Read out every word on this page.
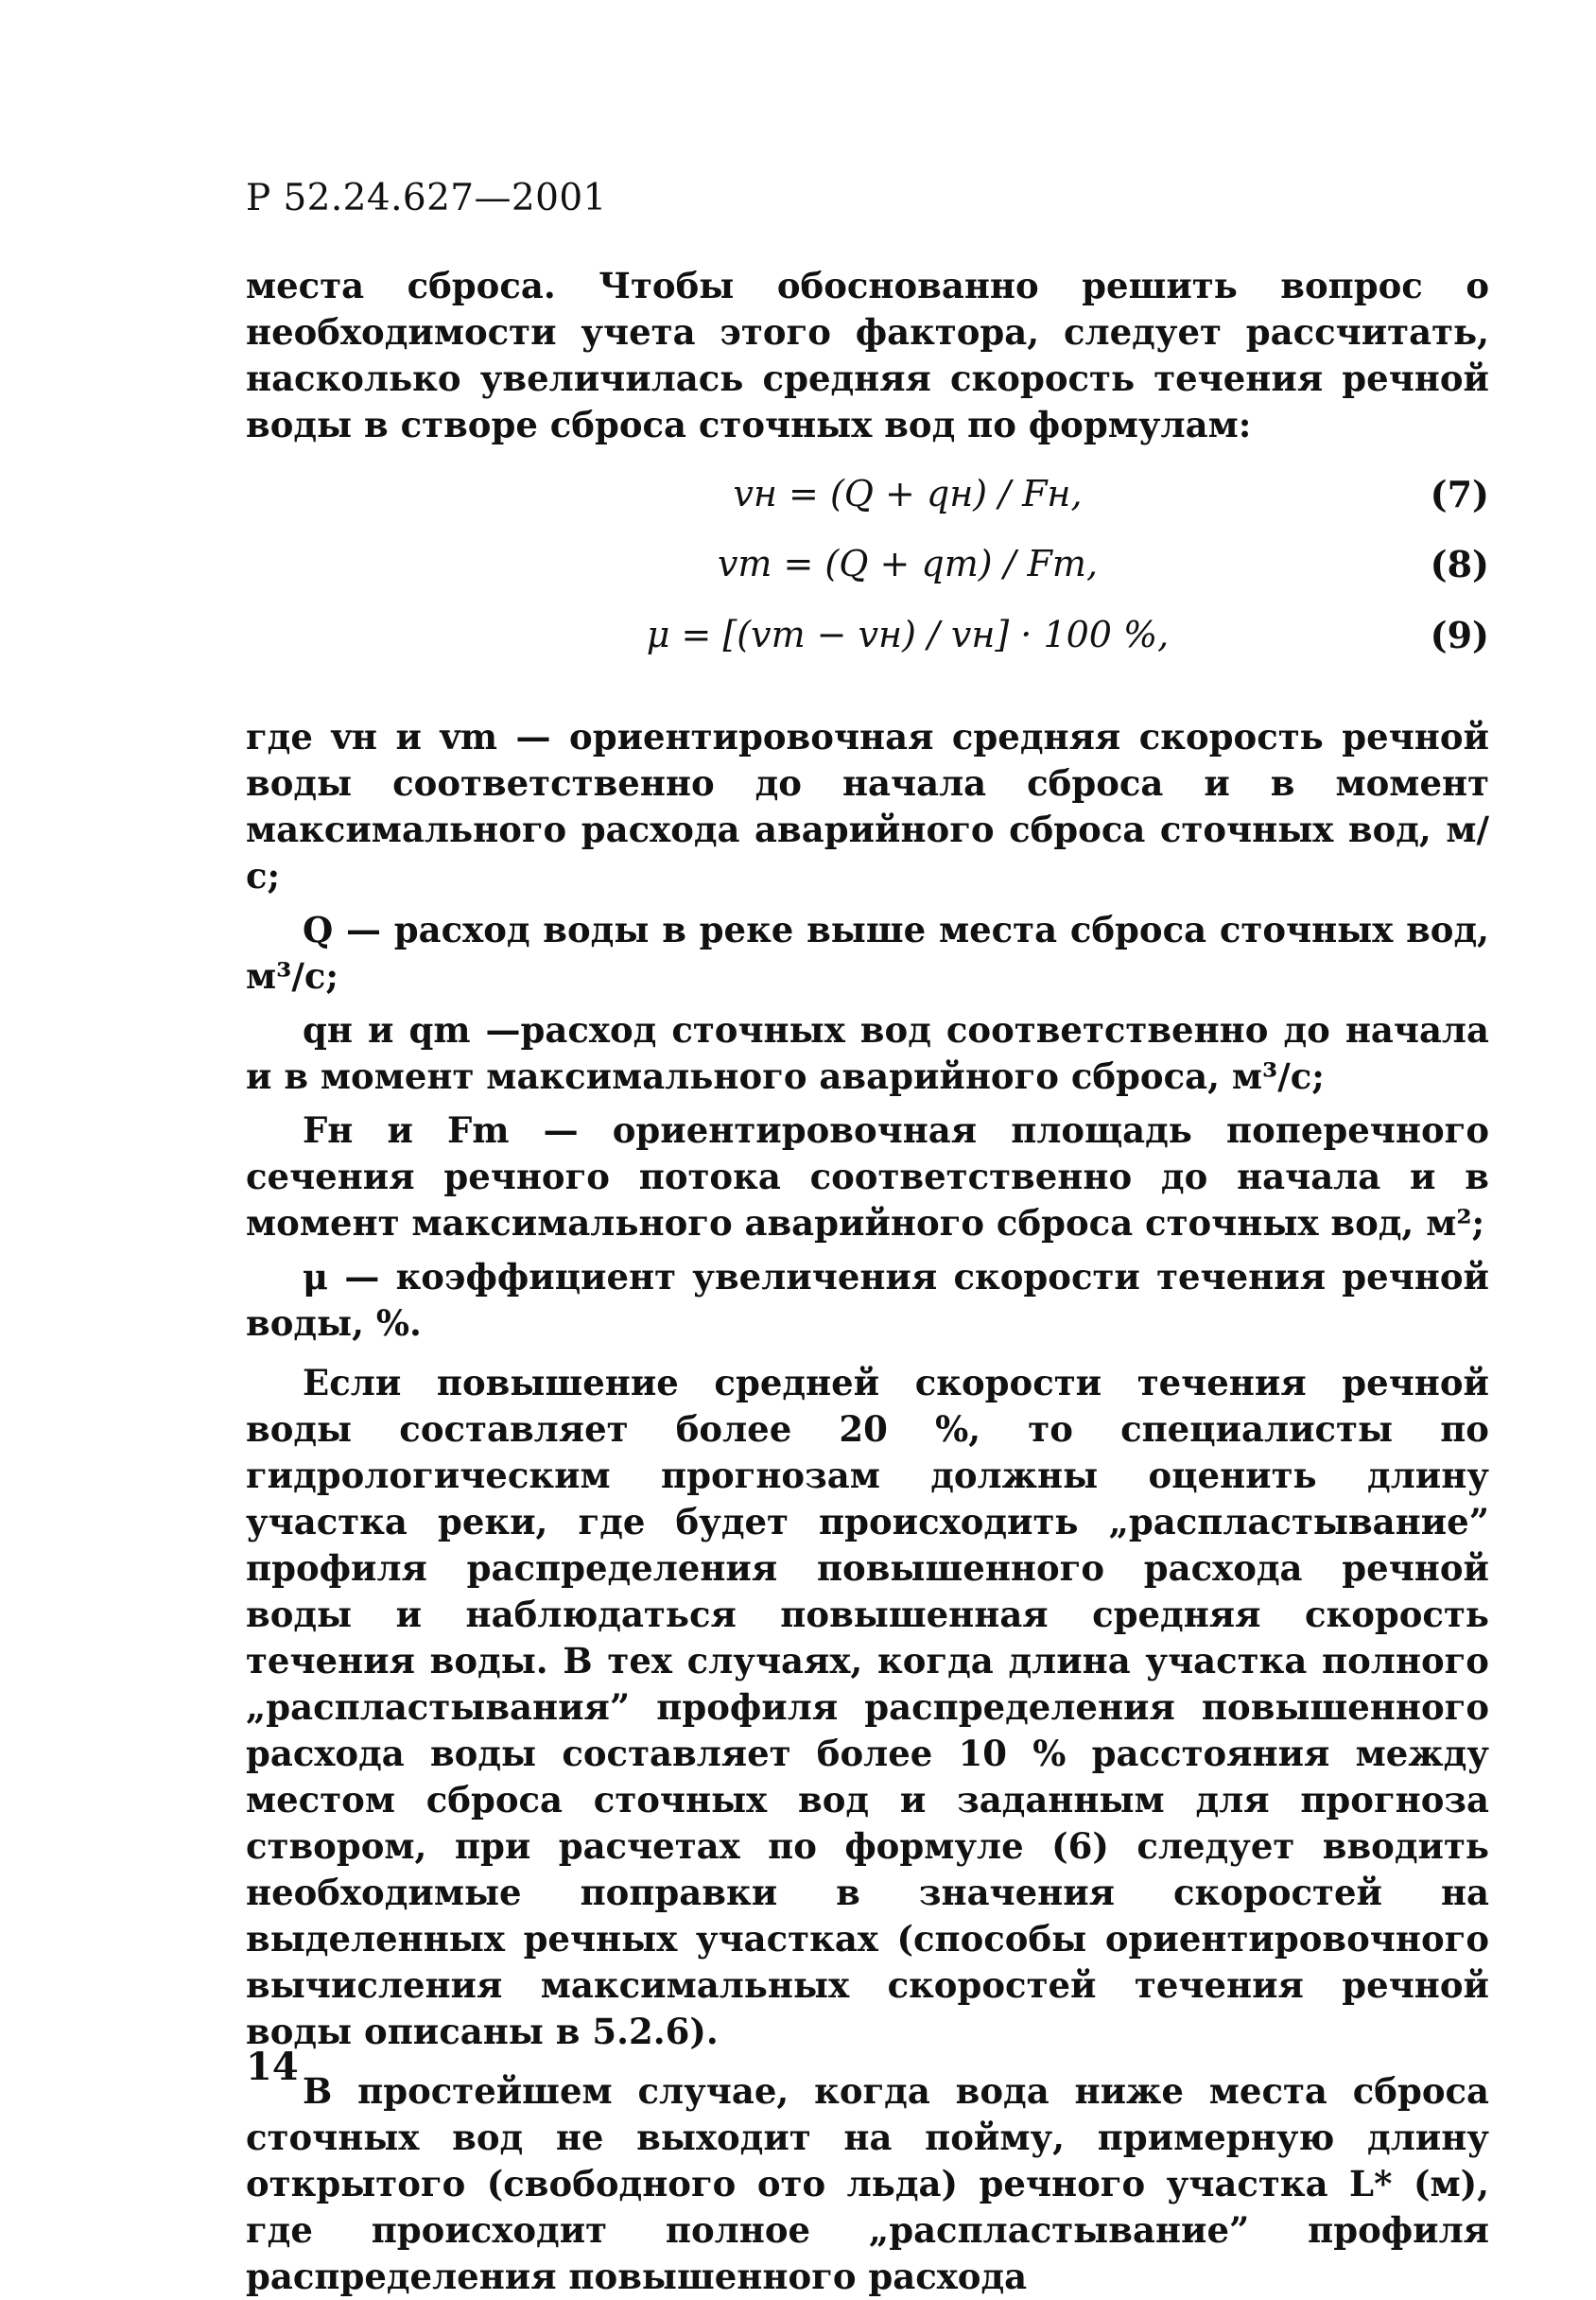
Р 52.24.627—2001

места сброса. Чтобы обоснованно решить вопрос о необходимости учета этого фактора, следует рассчитать, насколько увеличилась средняя скорость течения речной воды в створе сброса сточных вод по формулам:

vн = (Q + qн) / Fн,	(7)
vm = (Q + qm) / Fm,	(8)
μ = [(vm − vн) / vн] · 100 %,	(9)

где vн и vm — ориентировочная средняя скорость речной воды соответственно до начала сброса и в момент максимального расхода аварийного сброса сточных вод, м/с;

Q — расход воды в реке выше места сброса сточных вод, м³/с;

qн и qm —расход сточных вод соответственно до начала и в момент максимального аварийного сброса, м³/с;

Fн и Fm — ориентировочная площадь поперечного сечения речного потока соответственно до начала и в момент максимального аварийного сброса сточных вод, м²;

μ — коэффициент увеличения скорости течения речной воды, %.

Если повышение средней скорости течения речной воды составляет более 20 %, то специалисты по гидрологическим прогнозам должны оценить длину участка реки, где будет происходить „распластывание” профиля распределения повышенного расхода речной воды и наблюдаться повышенная средняя скорость течения воды. В тех случаях, когда длина участка полного „распластывания” профиля распределения повышенного расхода воды составляет более 10 % расстояния между местом сброса сточных вод и заданным для прогноза створом, при расчетах по формуле (6) следует вводить необходимые поправки в значения скоростей на выделенных речных участках (способы ориентировочного вычисления максимальных скоростей течения речной воды описаны в 5.2.6).

В простейшем случае, когда вода ниже места сброса сточных вод не выходит на пойму, примерную длину открытого (свободного ото льда) речного участка L* (м), где происходит полное „распластывание” профиля распределения повышенного расхода

14
